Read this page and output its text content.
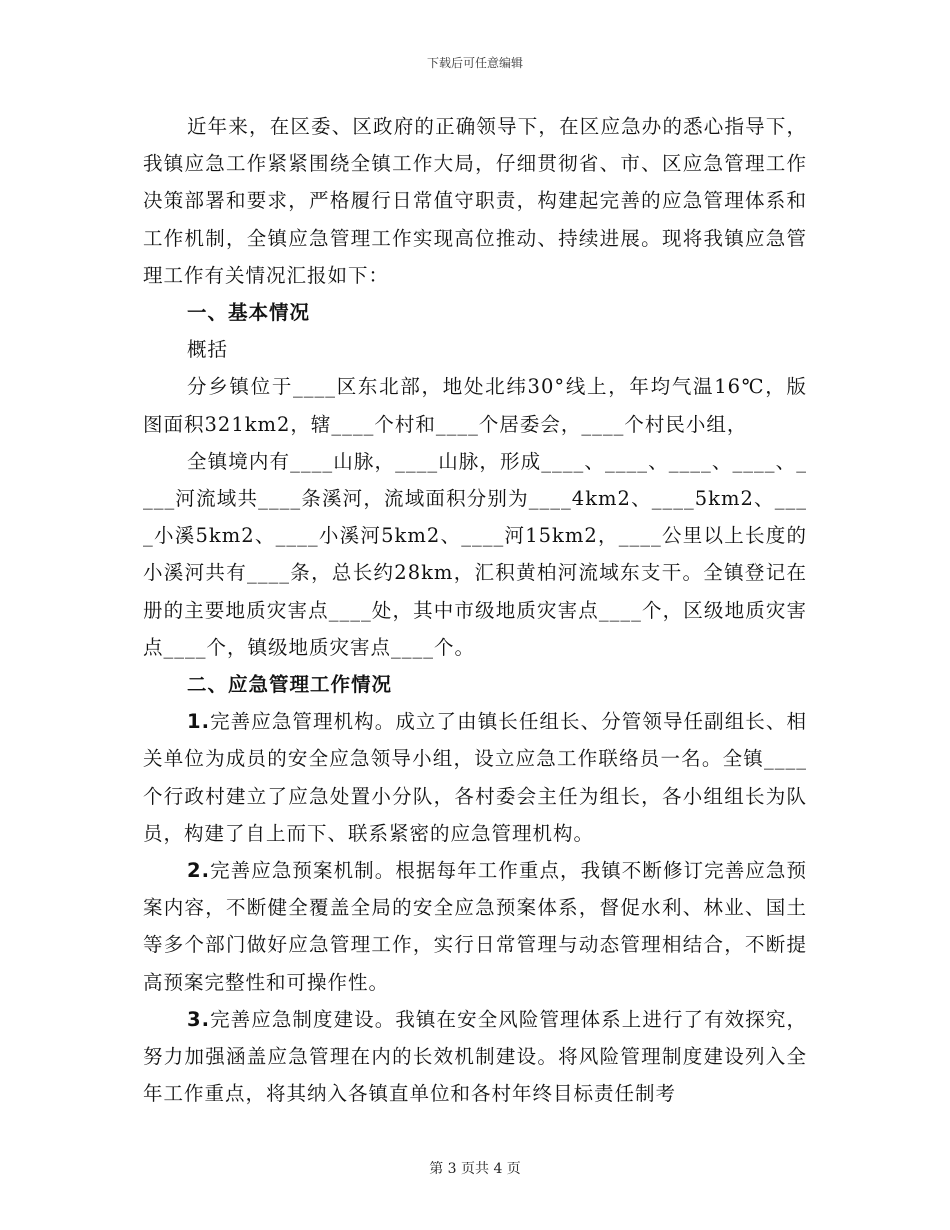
下载后可任意编辑

近年来，在区委、区政府的正确领导下，在区应急办的悉心指导下，我镇应急工作紧紧围绕全镇工作大局，仔细贯彻省、市、区应急管理工作决策部署和要求，严格履行日常值守职责，构建起完善的应急管理体系和工作机制，全镇应急管理工作实现高位推动、持续进展。现将我镇应急管理工作有关情况汇报如下：

一、基本情况

概括

分乡镇位于____区东北部，地处北纬30°线上，年均气温16℃，版图面积321km2，辖____个村和____个居委会，____个村民小组，

全镇境内有____山脉，____山脉，形成____、____、____、____、____河流域共____条溪河，流域面积分别为____4km2、____5km2、____小溪5km2、____小溪河5km2、____河15km2，____公里以上长度的小溪河共有____条，总长约28km，汇积黄柏河流域东支干。全镇登记在册的主要地质灾害点____处，其中市级地质灾害点____个，区级地质灾害点____个，镇级地质灾害点____个。

二、应急管理工作情况

1.完善应急管理机构。成立了由镇长任组长、分管领导任副组长、相关单位为成员的安全应急领导小组，设立应急工作联络员一名。全镇____个行政村建立了应急处置小分队，各村委会主任为组长，各小组组长为队员，构建了自上而下、联系紧密的应急管理机构。

2.完善应急预案机制。根据每年工作重点，我镇不断修订完善应急预案内容，不断健全覆盖全局的安全应急预案体系，督促水利、林业、国土等多个部门做好应急管理工作，实行日常管理与动态管理相结合，不断提高预案完整性和可操作性。

3.完善应急制度建设。我镇在安全风险管理体系上进行了有效探究，努力加强涵盖应急管理在内的长效机制建设。将风险管理制度建设列入全年工作重点，将其纳入各镇直单位和各村年终目标责任制考

第 3 页共 4 页
